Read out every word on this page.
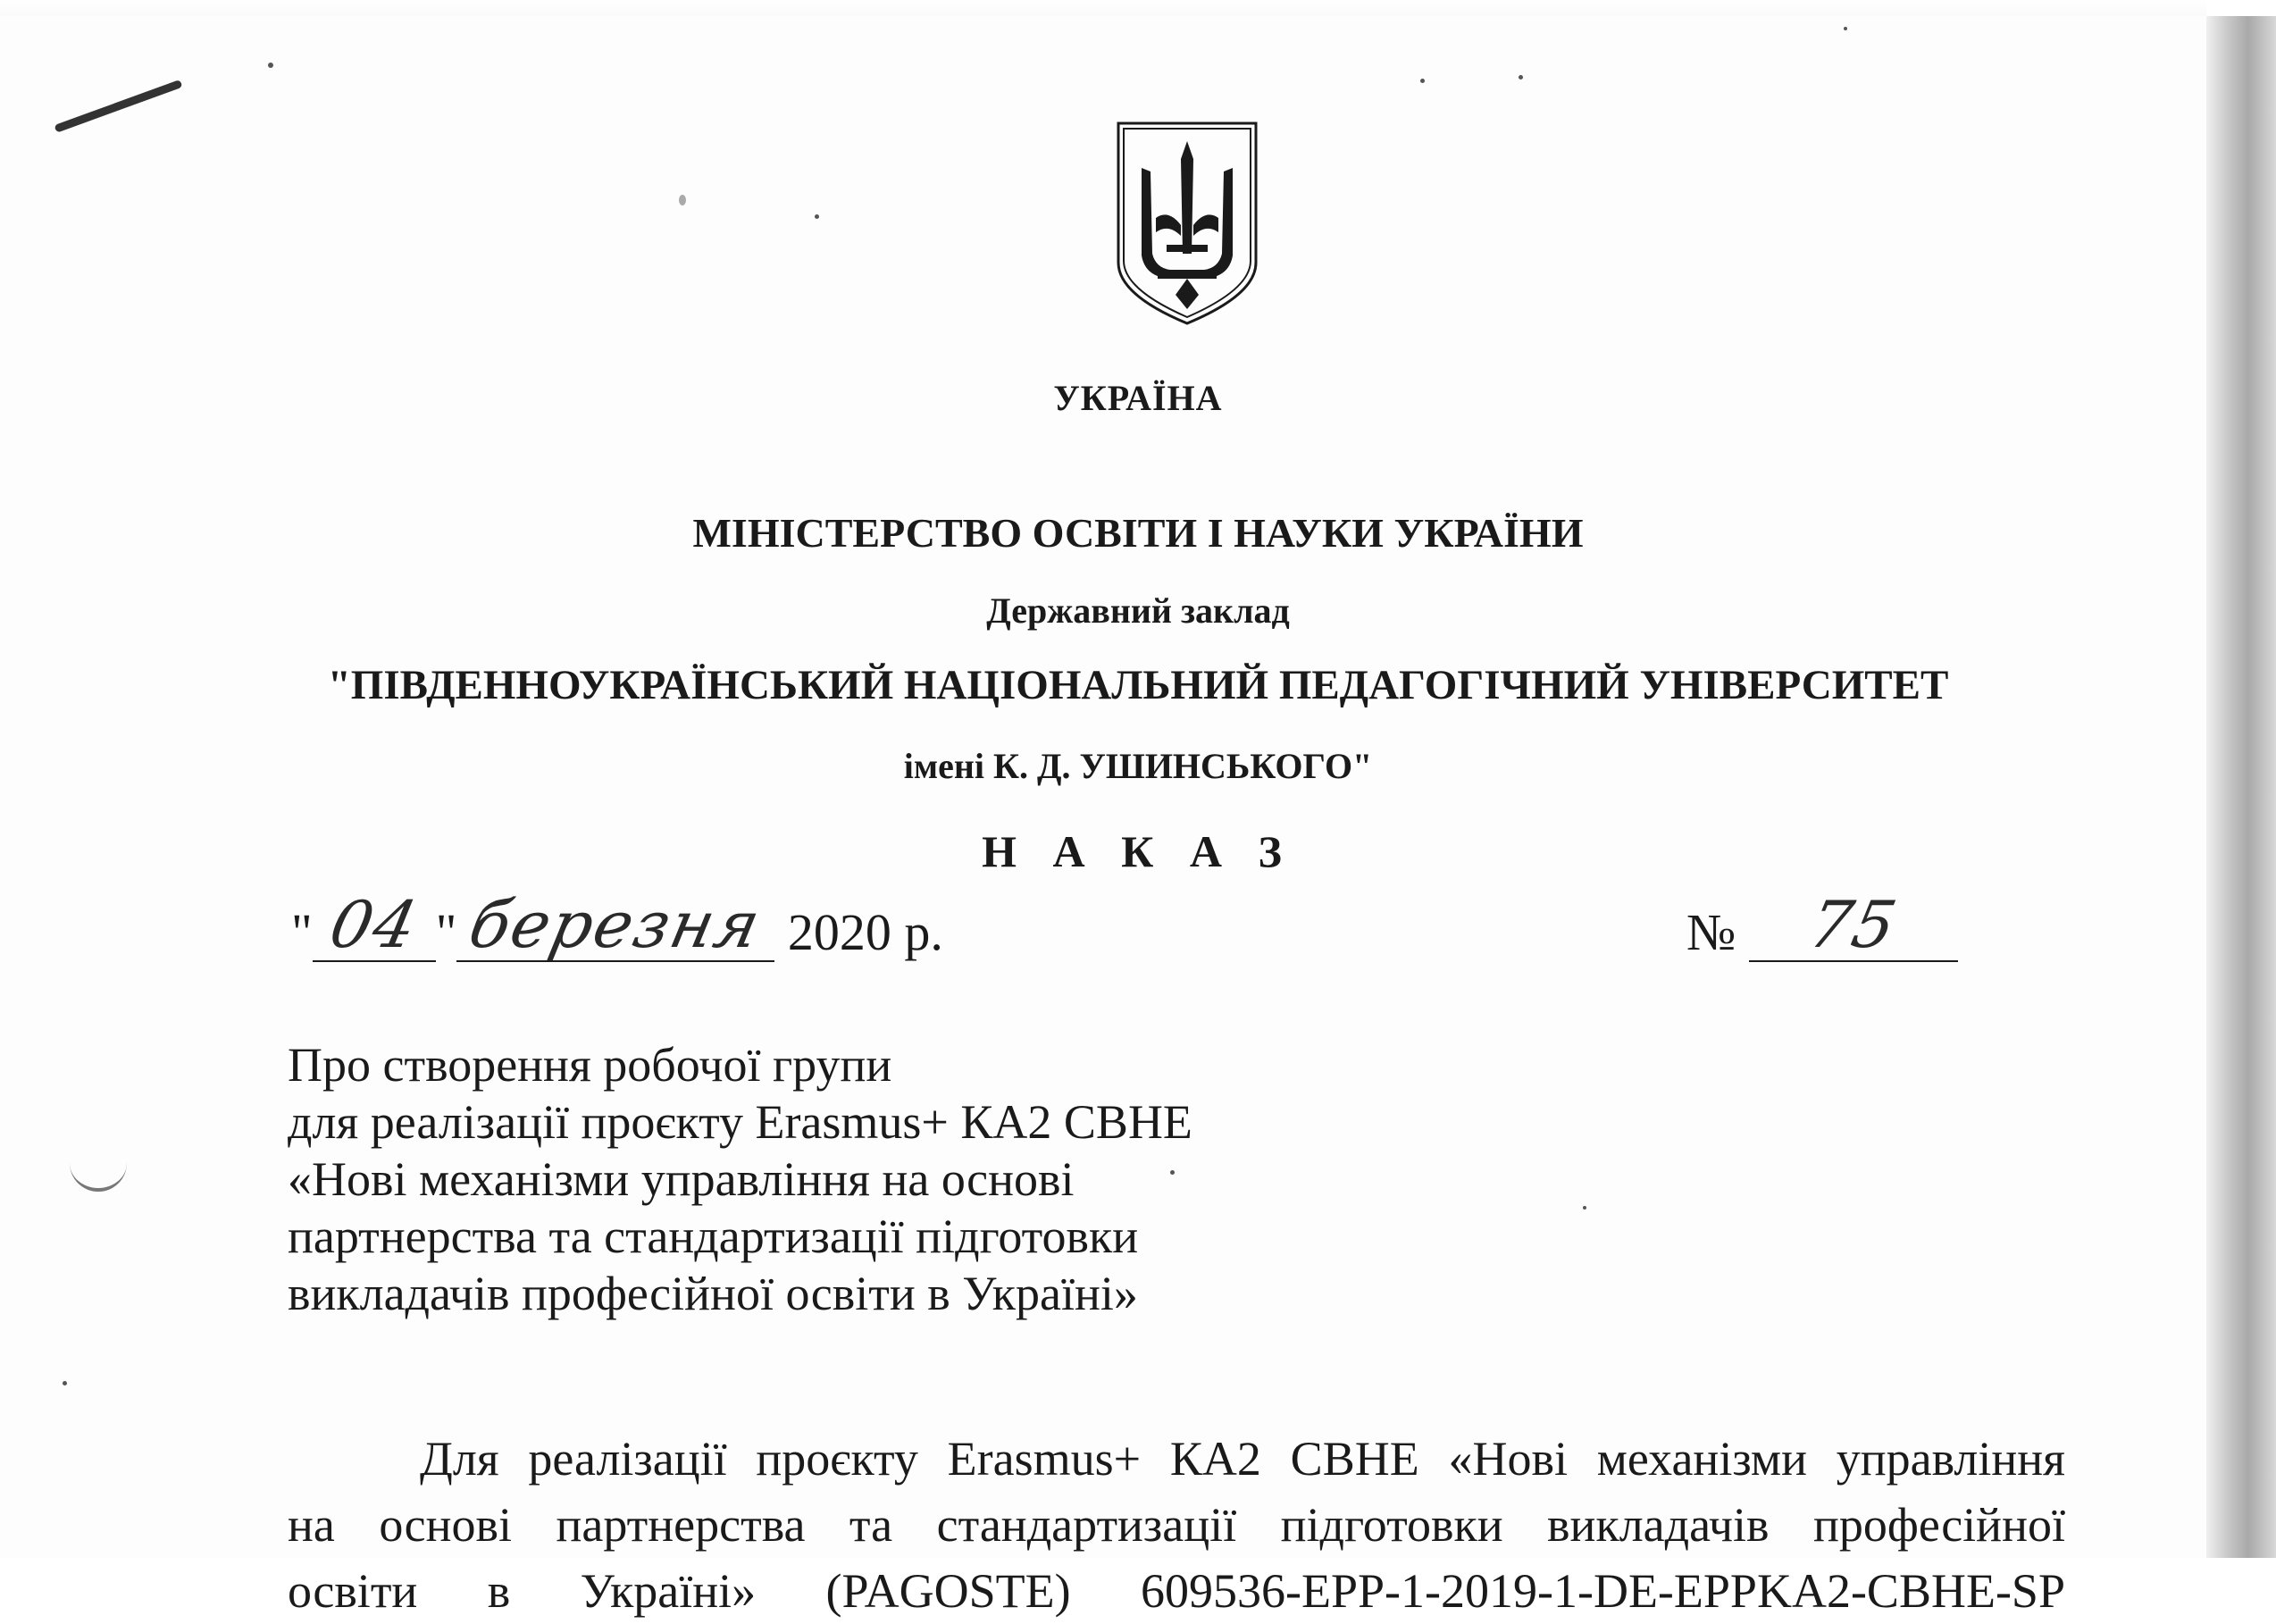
УКРАЇНА
МІНІСТЕРСТВО ОСВІТИ І НАУКИ УКРАЇНИ
Державний заклад
"ПІВДЕННОУКРАЇНСЬКИЙ НАЦІОНАЛЬНИЙ ПЕДАГОГІЧНИЙ УНІВЕРСИТЕТ
імені К. Д. УШИНСЬКОГО"
Н А К А З
" 04 " березня 2020 р.	№	75
Про створення робочої групи
для реалізації проєкту Erasmus+ КА2 CBHE
«Нові механізми управління на основі
партнерства та стандартизації підготовки
викладачів професійної освіти в Україні»
Для реалізації проєкту Erasmus+ КА2 CBHE «Нові механізми управління
на основі партнерства та стандартизації підготовки викладачів професійної
освіти в Україні» (PAGOSTE) 609536-EPP-1-2019-1-DE-EPPKA2-CBHE-SP
